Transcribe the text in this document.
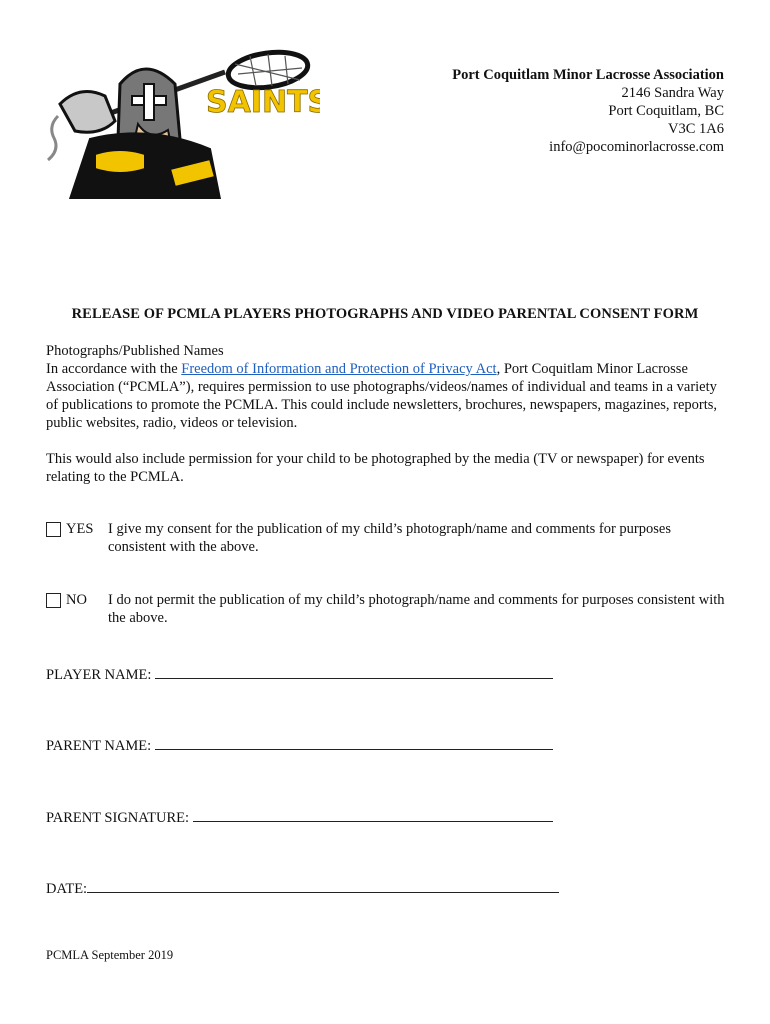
SAINTS
Port Coquitlam Minor Lacrosse Association
2146 Sandra Way
Port Coquitlam, BC
V3C 1A6
info@pocominorlacrosse.com
RELEASE OF PCMLA PLAYERS PHOTOGRAPHS AND VIDEO PARENTAL CONSENT FORM
Photographs/Published Names
In accordance with the Freedom of Information and Protection of Privacy Act, Port Coquitlam Minor Lacrosse Association (“PCMLA”), requires permission to use photographs/videos/names of individual and teams in a variety of publications to promote the PCMLA. This could include newsletters, brochures, newspapers, magazines, reports, public websites, radio, videos or television.
This would also include permission for your child to be photographed by the media (TV or newspaper) for events relating to the PCMLA.
YES I give my consent for the publication of my child’s photograph/name and comments for purposes consistent with the above.
NO I do not permit the publication of my child’s photograph/name and comments for purposes consistent with the above.
PLAYER NAME:
PARENT NAME:
PARENT SIGNATURE:
DATE:
PCMLA September 2019
